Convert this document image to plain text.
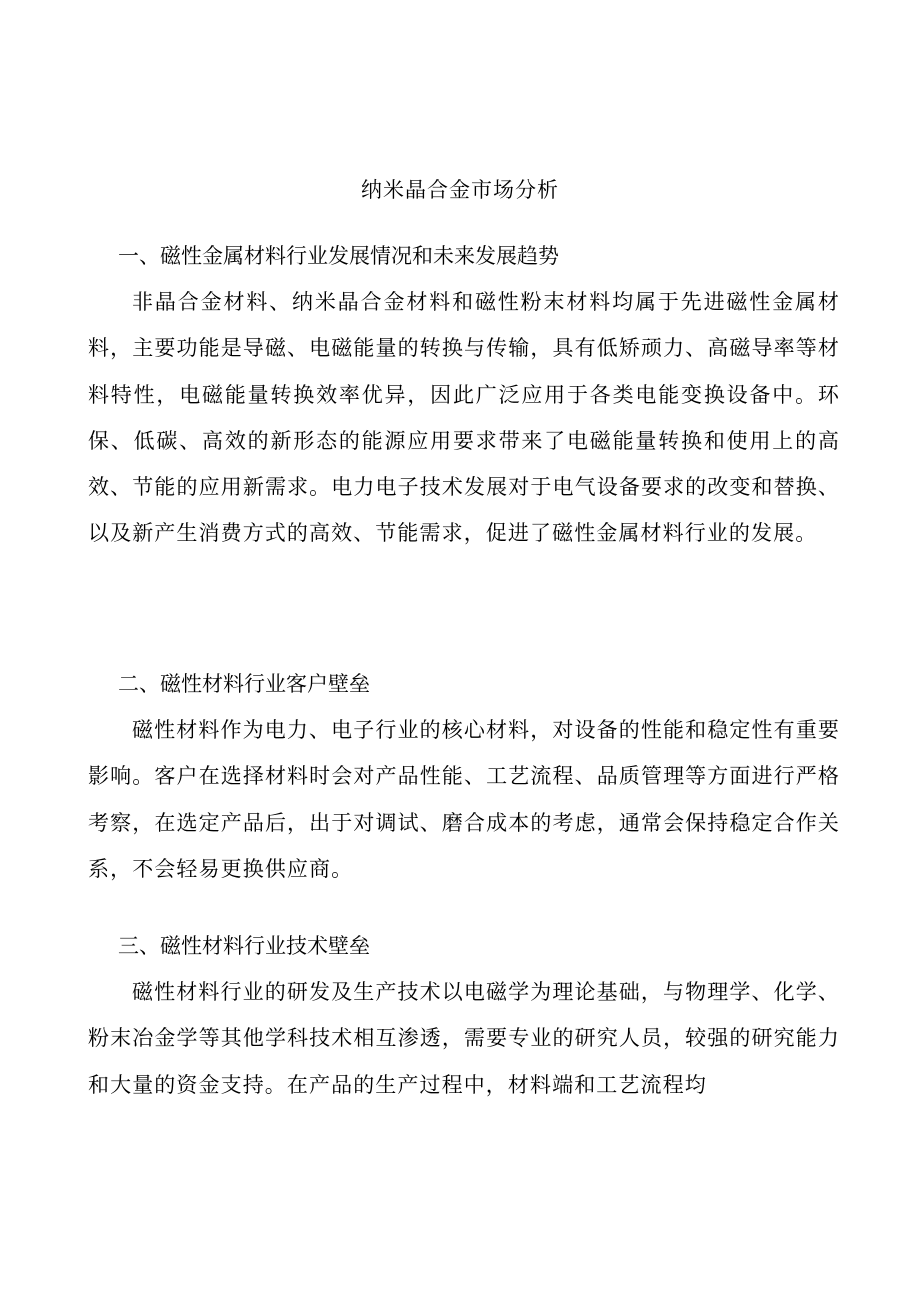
纳米晶合金市场分析
一、磁性金属材料行业发展情况和未来发展趋势

非晶合金材料、纳米晶合金材料和磁性粉末材料均属于先进磁性金属材料，主要功能是导磁、电磁能量的转换与传输，具有低矫顽力、高磁导率等材料特性，电磁能量转换效率优异，因此广泛应用于各类电能变换设备中。环保、低碳、高效的新形态的能源应用要求带来了电磁能量转换和使用上的高效、节能的应用新需求。电力电子技术发展对于电气设备要求的改变和替换、以及新产生消费方式的高效、节能需求，促进了磁性金属材料行业的发展。

二、磁性材料行业客户壁垒

磁性材料作为电力、电子行业的核心材料，对设备的性能和稳定性有重要影响。客户在选择材料时会对产品性能、工艺流程、品质管理等方面进行严格考察，在选定产品后，出于对调试、磨合成本的考虑，通常会保持稳定合作关系，不会轻易更换供应商。

三、磁性材料行业技术壁垒

磁性材料行业的研发及生产技术以电磁学为理论基础，与物理学、化学、粉末冶金学等其他学科技术相互渗透，需要专业的研究人员，较强的研究能力和大量的资金支持。在产品的生产过程中，材料端和工艺流程均
